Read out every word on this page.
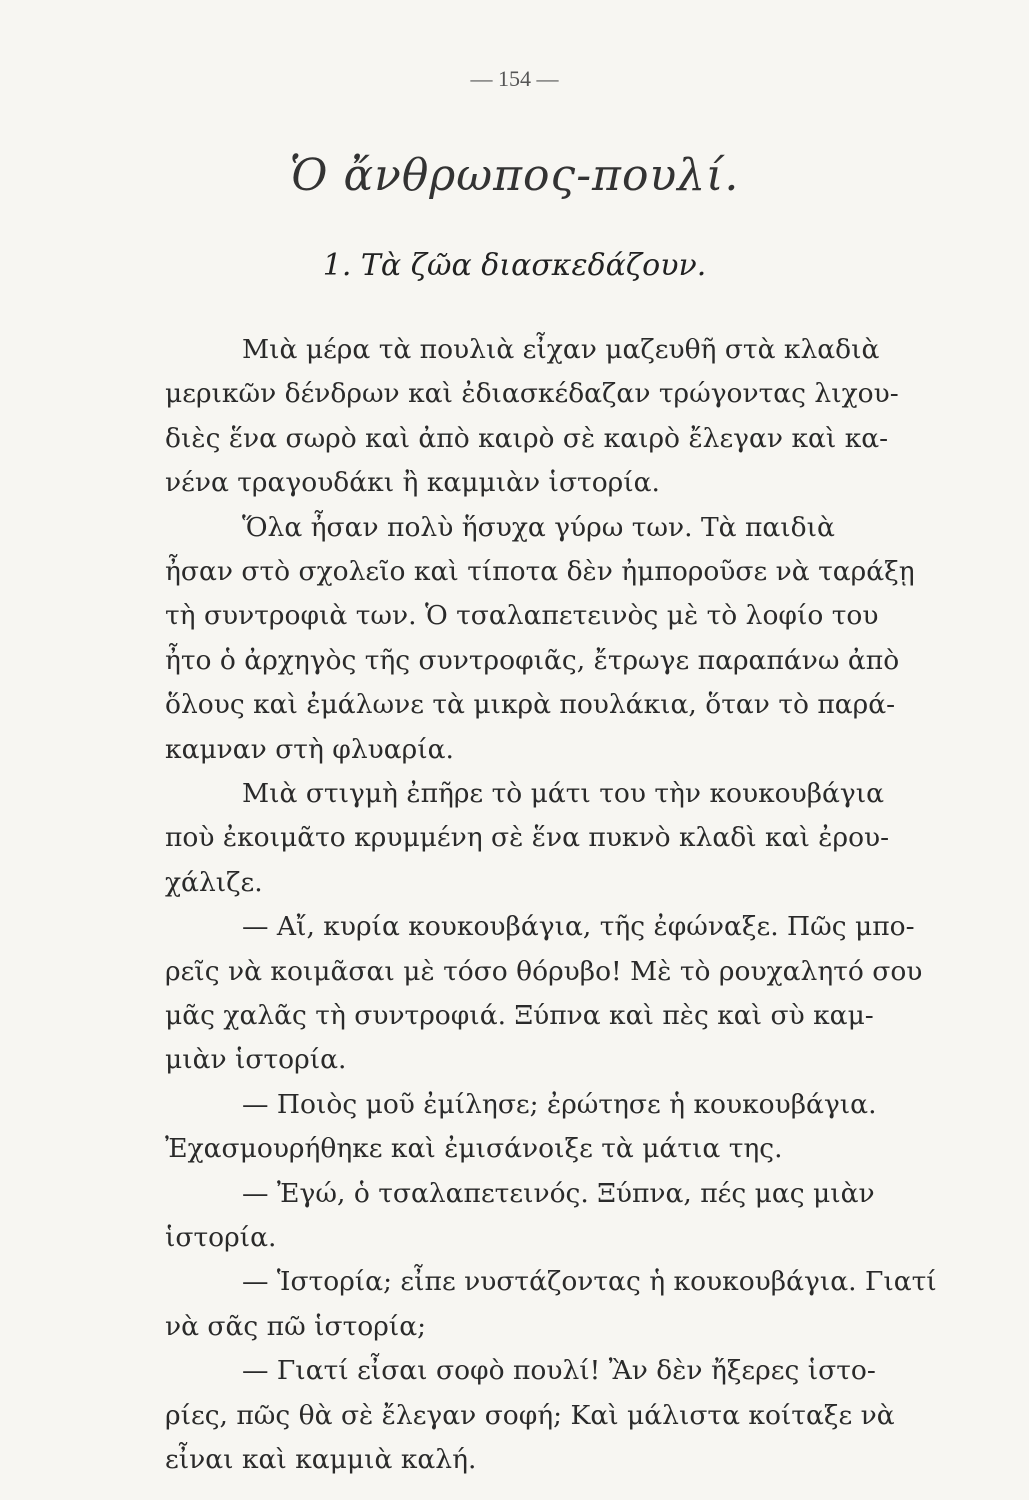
— 154 —
Ὁ ἄνθρωπος-πουλί.
1. Τὰ ζῶα διασκεδάζουν.
Μιὰ μέρα τὰ πουλιὰ εἶχαν μαζευθῆ στὰ κλαδιὰ
μερικῶν δένδρων καὶ ἐδιασκέδαζαν τρώγοντας λιχου-
διὲς ἕνα σωρὸ καὶ ἀπὸ καιρὸ σὲ καιρὸ ἔλεγαν καὶ κα-
νένα τραγουδάκι ἢ καμμιὰν ἱστορία.
Ὅλα ἦσαν πολὺ ἥσυχα γύρω των. Τὰ παιδιὰ
ἦσαν στὸ σχολεῖο καὶ τίποτα δὲν ἠμποροῦσε νὰ ταράξῃ
τὴ συντροφιὰ των. Ὁ τσαλαπετεινὸς μὲ τὸ λοφίο του
ἦτο ὁ ἀρχηγὸς τῆς συντροφιᾶς, ἔτρωγε παραπάνω ἀπὸ
ὅλους καὶ ἐμάλωνε τὰ μικρὰ πουλάκια, ὅταν τὸ παρά-
καμναν στὴ φλυαρία.
Μιὰ στιγμὴ ἐπῆρε τὸ μάτι του τὴν κουκουβάγια
ποὺ ἐκοιμᾶτο κρυμμένη σὲ ἕνα πυκνὸ κλαδὶ καὶ ἐρου-
χάλιζε.
— Αἴ, κυρία κουκουβάγια, τῆς ἐφώναξε. Πῶς μπο-
ρεῖς νὰ κοιμᾶσαι μὲ τόσο θόρυβο! Μὲ τὸ ρουχαλητό σου
μᾶς χαλᾶς τὴ συντροφιά. Ξύπνα καὶ πὲς καὶ σὺ καμ-
μιὰν ἱστορία.
— Ποιὸς μοῦ ἐμίλησε; ἐρώτησε ἡ κουκουβάγια.
Ἐχασμουρήθηκε καὶ ἐμισάνοιξε τὰ μάτια της.
— Ἐγώ, ὁ τσαλαπετεινός. Ξύπνα, πές μας μιὰν
ἱστορία.
— Ἱστορία; εἶπε νυστάζοντας ἡ κουκουβάγια. Γιατί
νὰ σᾶς πῶ ἱστορία;
— Γιατί εἶσαι σοφὸ πουλί! Ἂν δὲν ἤξερες ἱστο-
ρίες, πῶς θὰ σὲ ἔλεγαν σοφή; Καὶ μάλιστα κοίταξε νὰ
εἶναι καὶ καμμιὰ καλή.
